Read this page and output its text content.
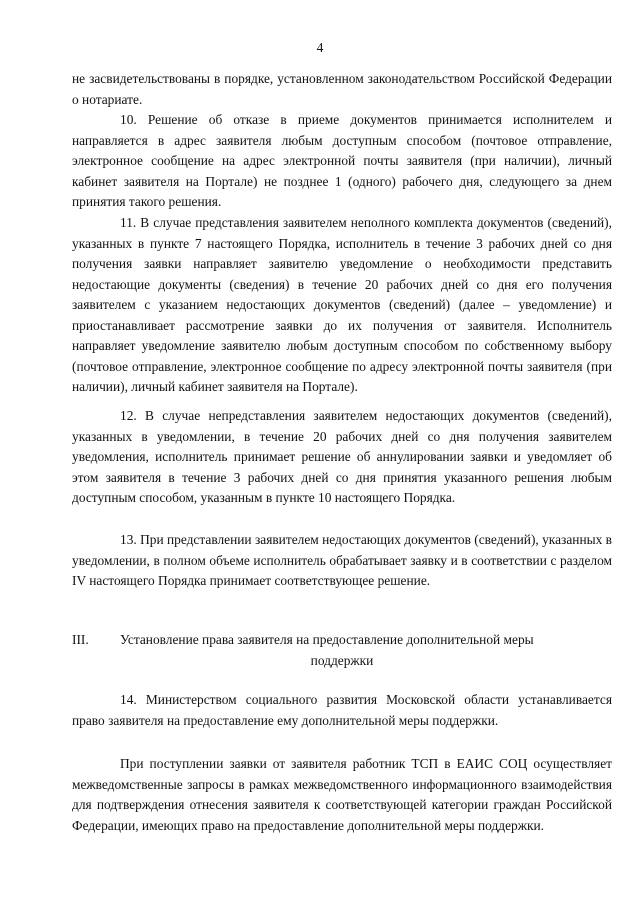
4
не засвидетельствованы в порядке, установленном законодательством Российской Федерации о нотариате.
10. Решение об отказе в приеме документов принимается исполнителем и направляется в адрес заявителя любым доступным способом (почтовое отправление, электронное сообщение на адрес электронной почты заявителя (при наличии), личный кабинет заявителя на Портале) не позднее 1 (одного) рабочего дня, следующего за днем принятия такого решения.
11. В случае представления заявителем неполного комплекта документов (сведений), указанных в пункте 7 настоящего Порядка, исполнитель в течение 3 рабочих дней со дня получения заявки направляет заявителю уведомление о необходимости представить недостающие документы (сведения) в течение 20 рабочих дней со дня его получения заявителем с указанием недостающих документов (сведений) (далее – уведомление) и приостанавливает рассмотрение заявки до их получения от заявителя. Исполнитель направляет уведомление заявителю любым доступным способом по собственному выбору (почтовое отправление, электронное сообщение по адресу электронной почты заявителя (при наличии), личный кабинет заявителя на Портале).
12. В случае непредставления заявителем недостающих документов (сведений), указанных в уведомлении, в течение 20 рабочих дней со дня получения заявителем уведомления, исполнитель принимает решение об аннулировании заявки и уведомляет об этом заявителя в течение 3 рабочих дней со дня принятия указанного решения любым доступным способом, указанным в пункте 10 настоящего Порядка.
13. При представлении заявителем недостающих документов (сведений), указанных в уведомлении, в полном объеме исполнитель обрабатывает заявку и в соответствии с разделом IV настоящего Порядка принимает соответствующее решение.
III.	Установление права заявителя на предоставление дополнительной меры
поддержки
14. Министерством социального развития Московской области устанавливается право заявителя на предоставление ему дополнительной меры поддержки.
При поступлении заявки от заявителя работник ТСП в ЕАИС СОЦ осуществляет межведомственные запросы в рамках межведомственного информационного взаимодействия для подтверждения отнесения заявителя к соответствующей категории граждан Российской Федерации, имеющих право на предоставление дополнительной меры поддержки.
